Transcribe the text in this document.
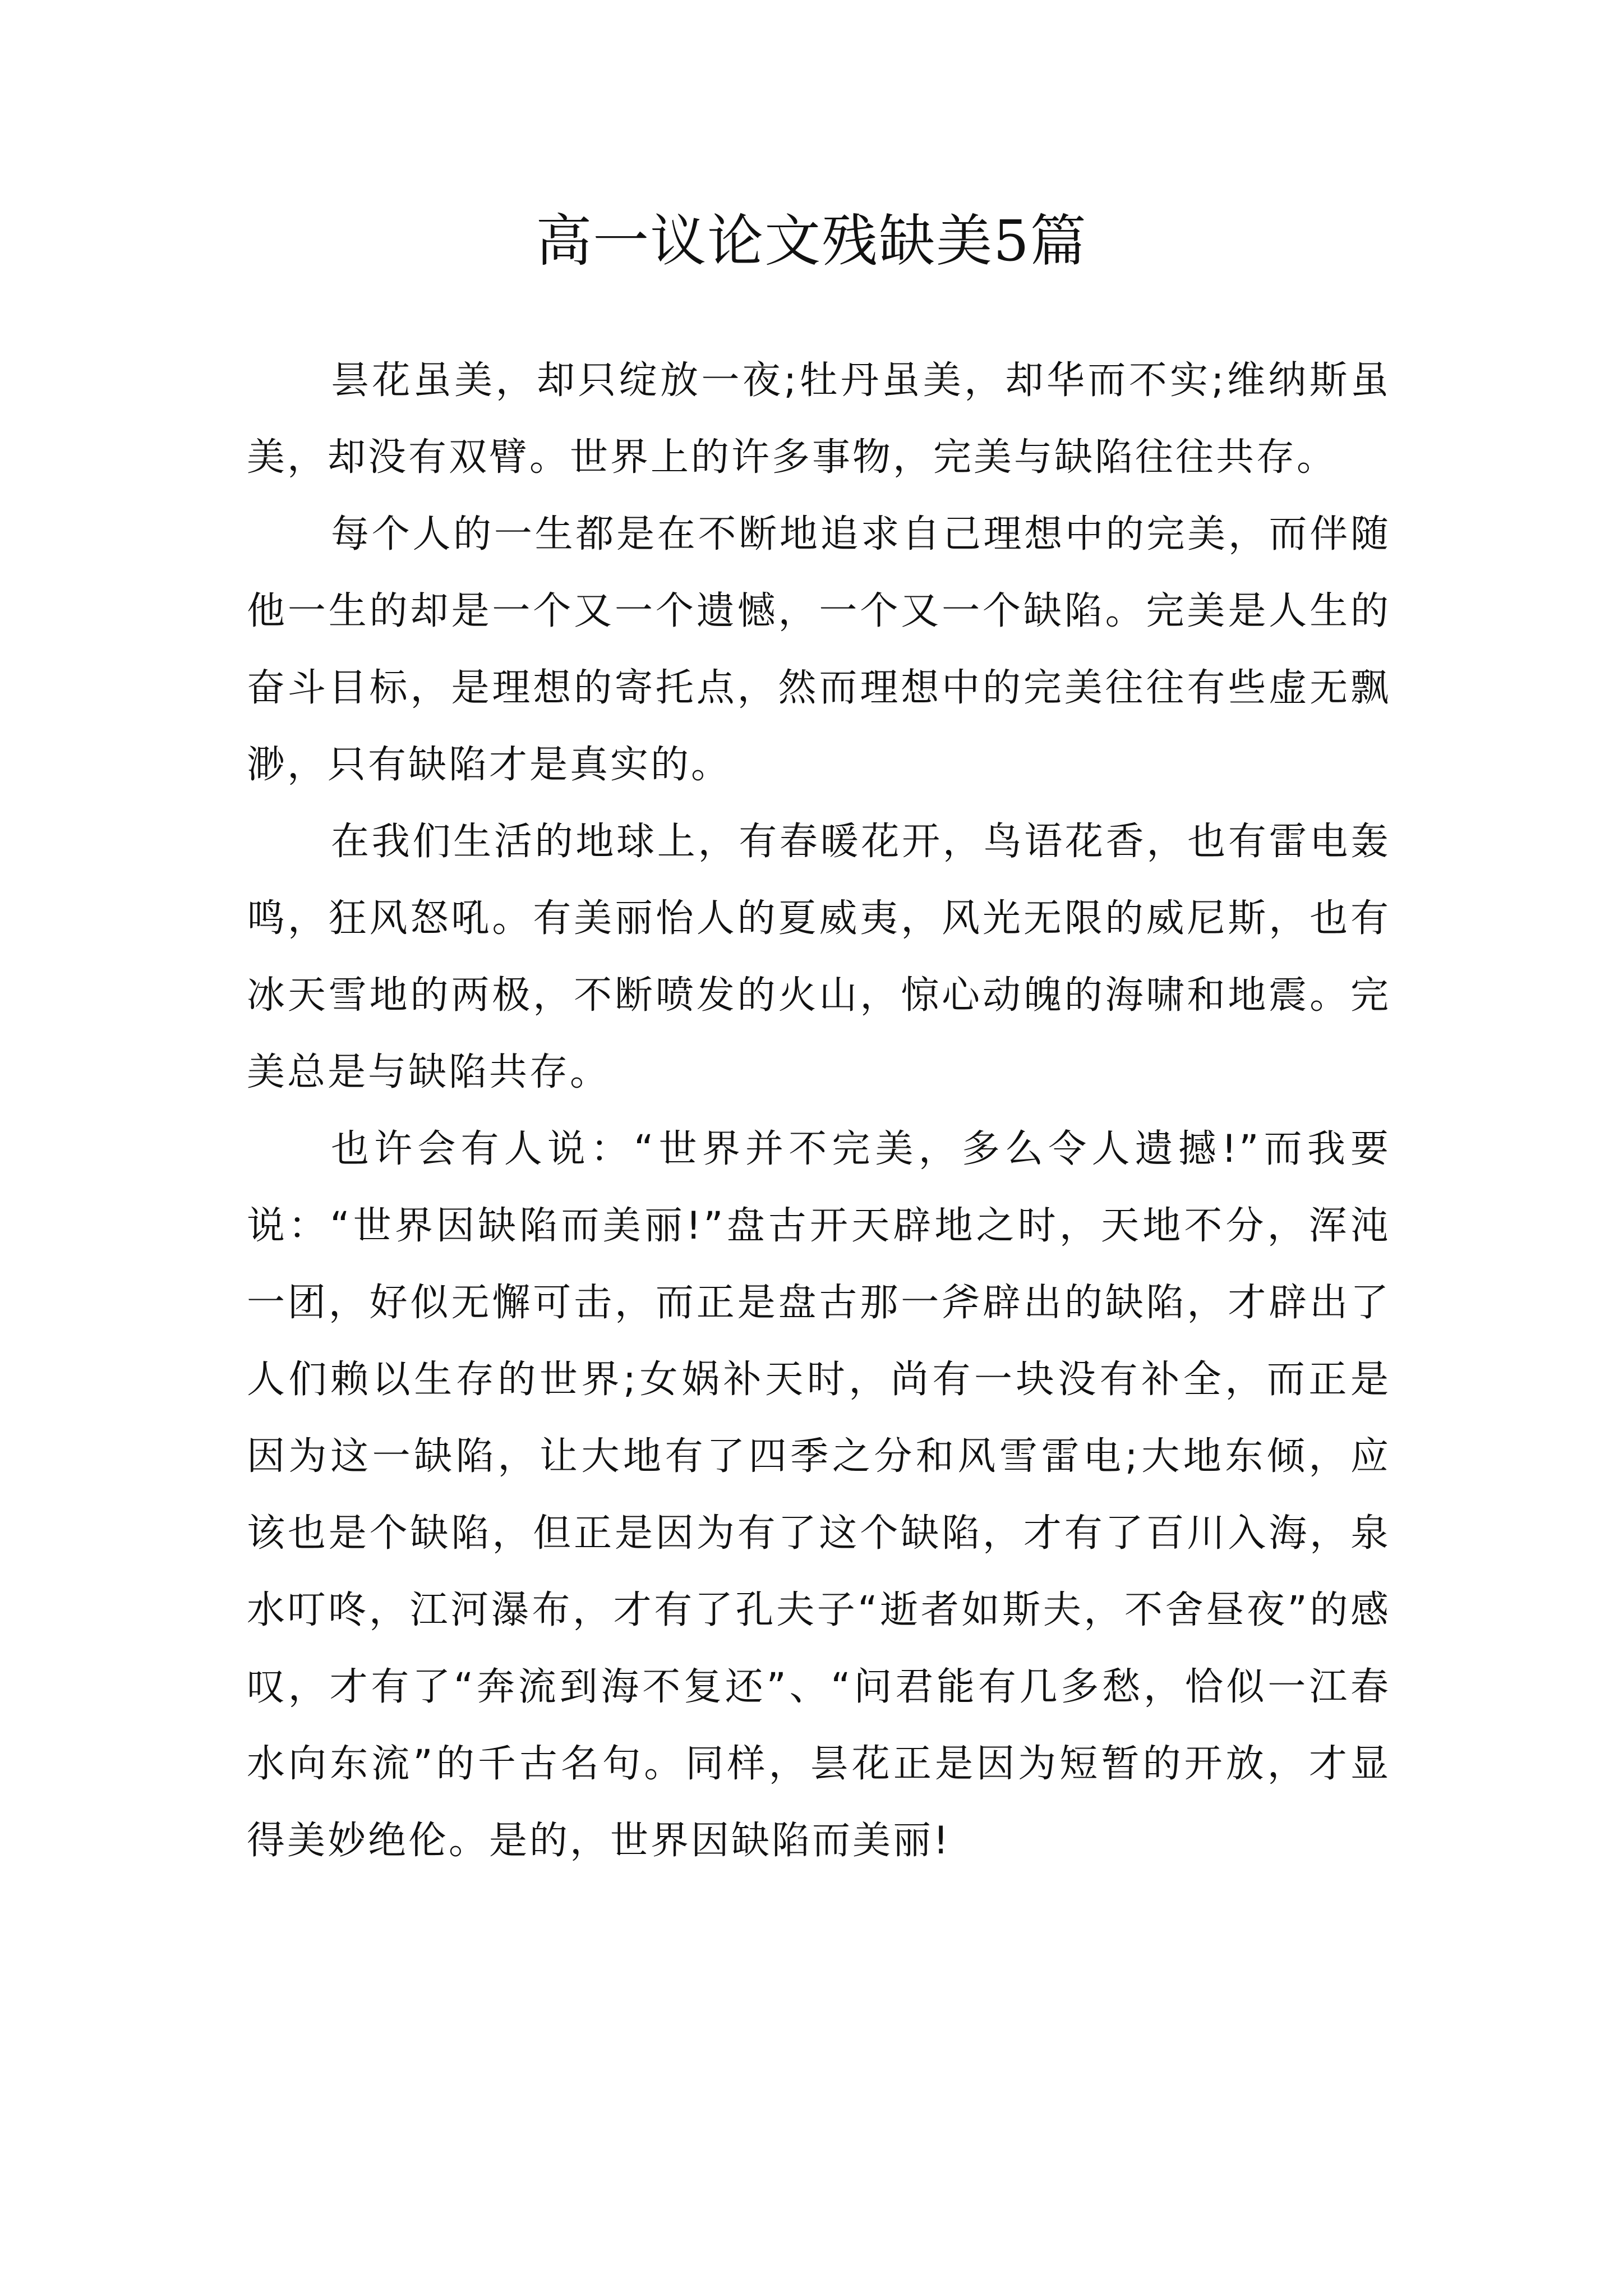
高一议论文残缺美5篇

昙花虽美，却只绽放一夜;牡丹虽美，却华而不实;维纳斯虽美，却没有双臂。世界上的许多事物，完美与缺陷往往共存。

每个人的一生都是在不断地追求自己理想中的完美，而伴随他一生的却是一个又一个遗憾，一个又一个缺陷。完美是人生的奋斗目标，是理想的寄托点，然而理想中的完美往往有些虚无飘渺，只有缺陷才是真实的。

在我们生活的地球上，有春暖花开，鸟语花香，也有雷电轰鸣，狂风怒吼。有美丽怡人的夏威夷，风光无限的威尼斯，也有冰天雪地的两极，不断喷发的火山，惊心动魄的海啸和地震。完美总是与缺陷共存。

也许会有人说：“世界并不完美，多么令人遗撼!”而我要说：“世界因缺陷而美丽!”盘古开天辟地之时，天地不分，浑沌一团，好似无懈可击，而正是盘古那一斧辟出的缺陷，才辟出了人们赖以生存的世界;女娲补天时，尚有一块没有补全，而正是因为这一缺陷，让大地有了四季之分和风雪雷电;大地东倾，应该也是个缺陷，但正是因为有了这个缺陷，才有了百川入海，泉水叮咚，江河瀑布，才有了孔夫子“逝者如斯夫，不舍昼夜”的感叹，才有了“奔流到海不复还”、“问君能有几多愁，恰似一江春水向东流”的千古名句。同样，昙花正是因为短暂的开放，才显得美妙绝伦。是的，世界因缺陷而美丽!
